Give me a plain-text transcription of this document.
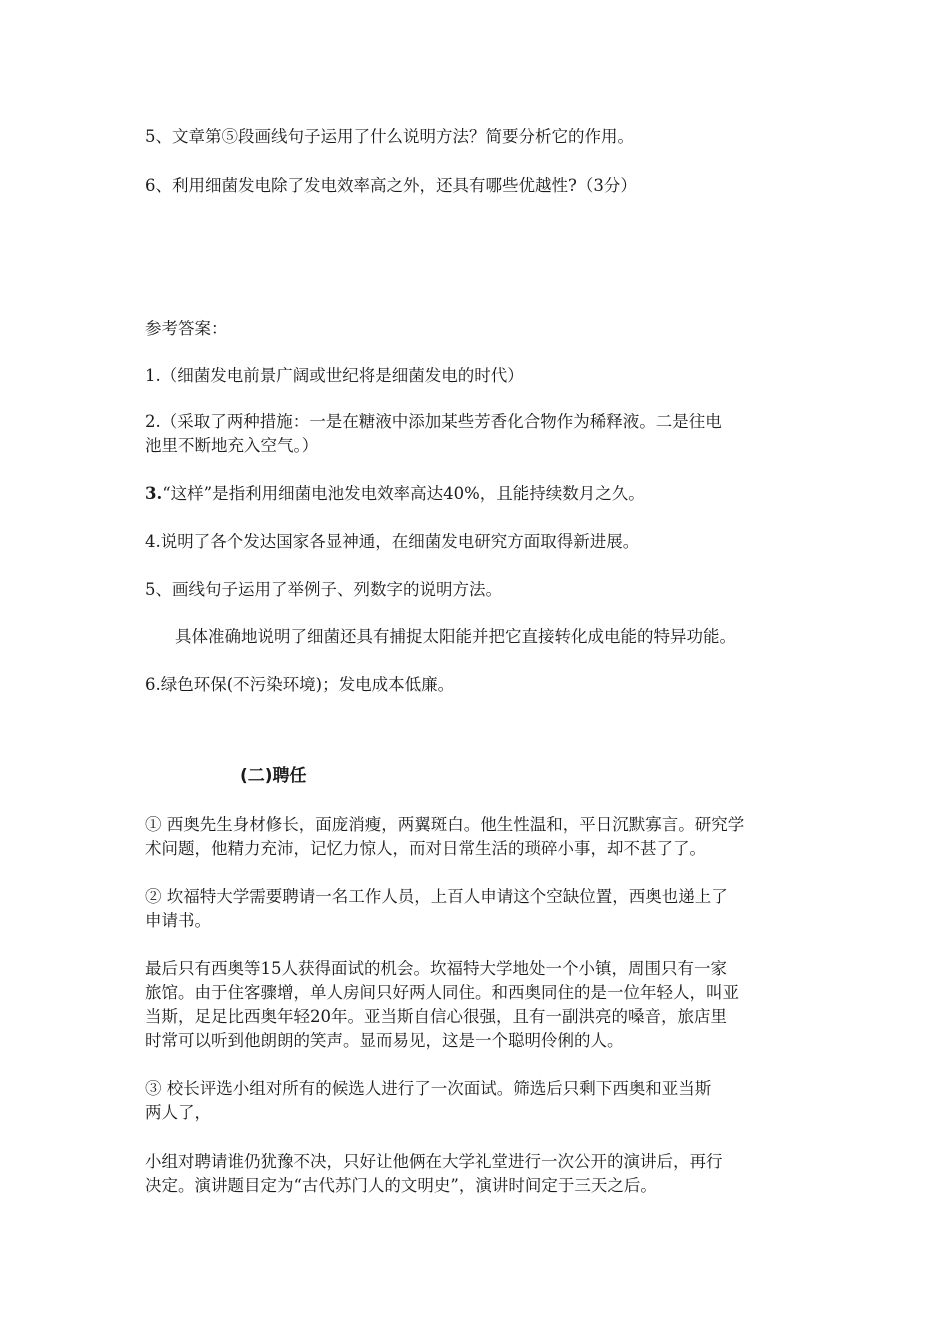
5、文章第⑤段画线句子运用了什么说明方法？简要分析它的作用。
6、利用细菌发电除了发电效率高之外，还具有哪些优越性?（3分）
参考答案：
1.（细菌发电前景广阔或世纪将是细菌发电的时代）
2.（采取了两种措施：一是在糖液中添加某些芳香化合物作为稀释液。二是往电
池里不断地充入空气。）
3.“这样”是指利用细菌电池发电效率高达40%，且能持续数月之久。
4.说明了各个发达国家各显神通，在细菌发电研究方面取得新进展。
5、画线句子运用了举例子、列数字的说明方法。
具体准确地说明了细菌还具有捕捉太阳能并把它直接转化成电能的特异功能。
6.绿色环保(不污染环境)；发电成本低廉。
(二)聘任
① 西奥先生身材修长，面庞消瘦，两翼斑白。他生性温和，平日沉默寡言。研究学
术问题，他精力充沛，记忆力惊人，而对日常生活的琐碎小事，却不甚了了。
② 坎福特大学需要聘请一名工作人员，上百人申请这个空缺位置，西奥也递上了
申请书。
最后只有西奥等15人获得面试的机会。坎福特大学地处一个小镇，周围只有一家
旅馆。由于住客骤增，单人房间只好两人同住。和西奥同住的是一位年轻人，叫亚
当斯，足足比西奥年轻20年。亚当斯自信心很强，且有一副洪亮的嗓音，旅店里
时常可以听到他朗朗的笑声。显而易见，这是一个聪明伶俐的人。
③ 校长评选小组对所有的候选人进行了一次面试。筛选后只剩下西奥和亚当斯
两人了，
小组对聘请谁仍犹豫不决，只好让他俩在大学礼堂进行一次公开的演讲后，再行
决定。演讲题目定为“古代苏门人的文明史”，演讲时间定于三天之后。
